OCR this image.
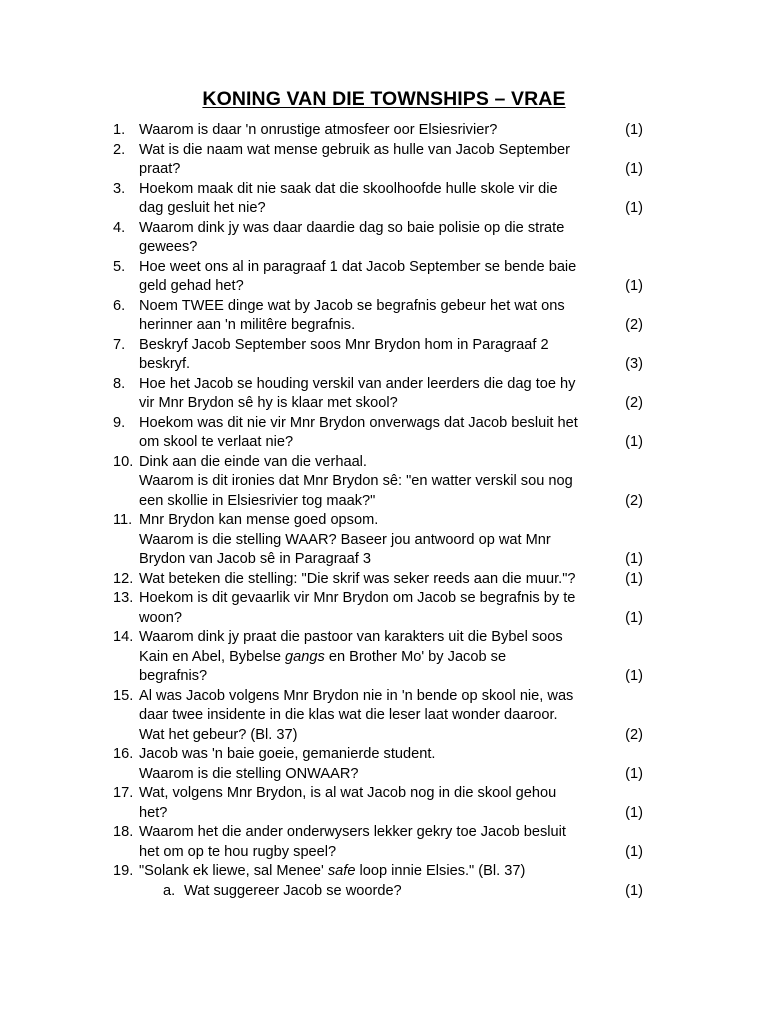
KONING VAN DIE TOWNSHIPS – VRAE
1. Waarom is daar 'n onrustige atmosfeer oor Elsiesrivier?	(1)
2. Wat is die naam wat mense gebruik as hulle van Jacob September
praat?	(1)
3. Hoekom maak dit nie saak dat die skoolhoofde hulle skole vir die
dag gesluit het nie?	(1)
4. Waarom dink jy was daar daardie dag so baie polisie op die strate
gewees?
5. Hoe weet ons al in paragraaf 1 dat Jacob September se bende baie
geld gehad het?	(1)
6. Noem TWEE dinge wat by Jacob se begrafnis gebeur het wat ons
herinner aan 'n militêre begrafnis.	(2)
7. Beskryf Jacob September soos Mnr Brydon hom in Paragraaf 2
beskryf.	(3)
8. Hoe het Jacob se houding verskil van ander leerders die dag toe hy
vir Mnr Brydon sê hy is klaar met skool?	(2)
9. Hoekom was dit nie vir Mnr Brydon onverwags dat Jacob besluit het
om skool te verlaat nie?	(1)
10. Dink aan die einde van die verhaal.
Waarom is dit ironies dat Mnr Brydon sê: "en watter verskil sou nog
een skollie in Elsiesrivier tog maak?"	(2)
11. Mnr Brydon kan mense goed opsom.
Waarom is die stelling WAAR? Baseer jou antwoord op wat Mnr
Brydon van Jacob sê in Paragraaf 3	(1)
12. Wat beteken die stelling: "Die skrif was seker reeds aan die muur."?	(1)
13. Hoekom is dit gevaarlik vir Mnr Brydon om Jacob se begrafnis by te
woon?	(1)
14. Waarom dink jy praat die pastoor van karakters uit die Bybel soos
Kain en Abel, Bybelse gangs en Brother Mo' by Jacob se
begrafnis?	(1)
15. Al was Jacob volgens Mnr Brydon nie in 'n bende op skool nie, was
daar twee insidente in die klas wat die leser laat wonder daaroor.
Wat het gebeur? (Bl. 37)	(2)
16. Jacob was 'n baie goeie, gemanierde student.
Waarom is die stelling ONWAAR?	(1)
17. Wat, volgens Mnr Brydon, is al wat Jacob nog in die skool gehou
het?	(1)
18. Waarom het die ander onderwysers lekker gekry toe Jacob besluit
het om op te hou rugby speel?	(1)
19. "Solank ek liewe, sal Menee' safe loop innie Elsies." (Bl. 37)
a. Wat suggereer Jacob se woorde?	(1)
